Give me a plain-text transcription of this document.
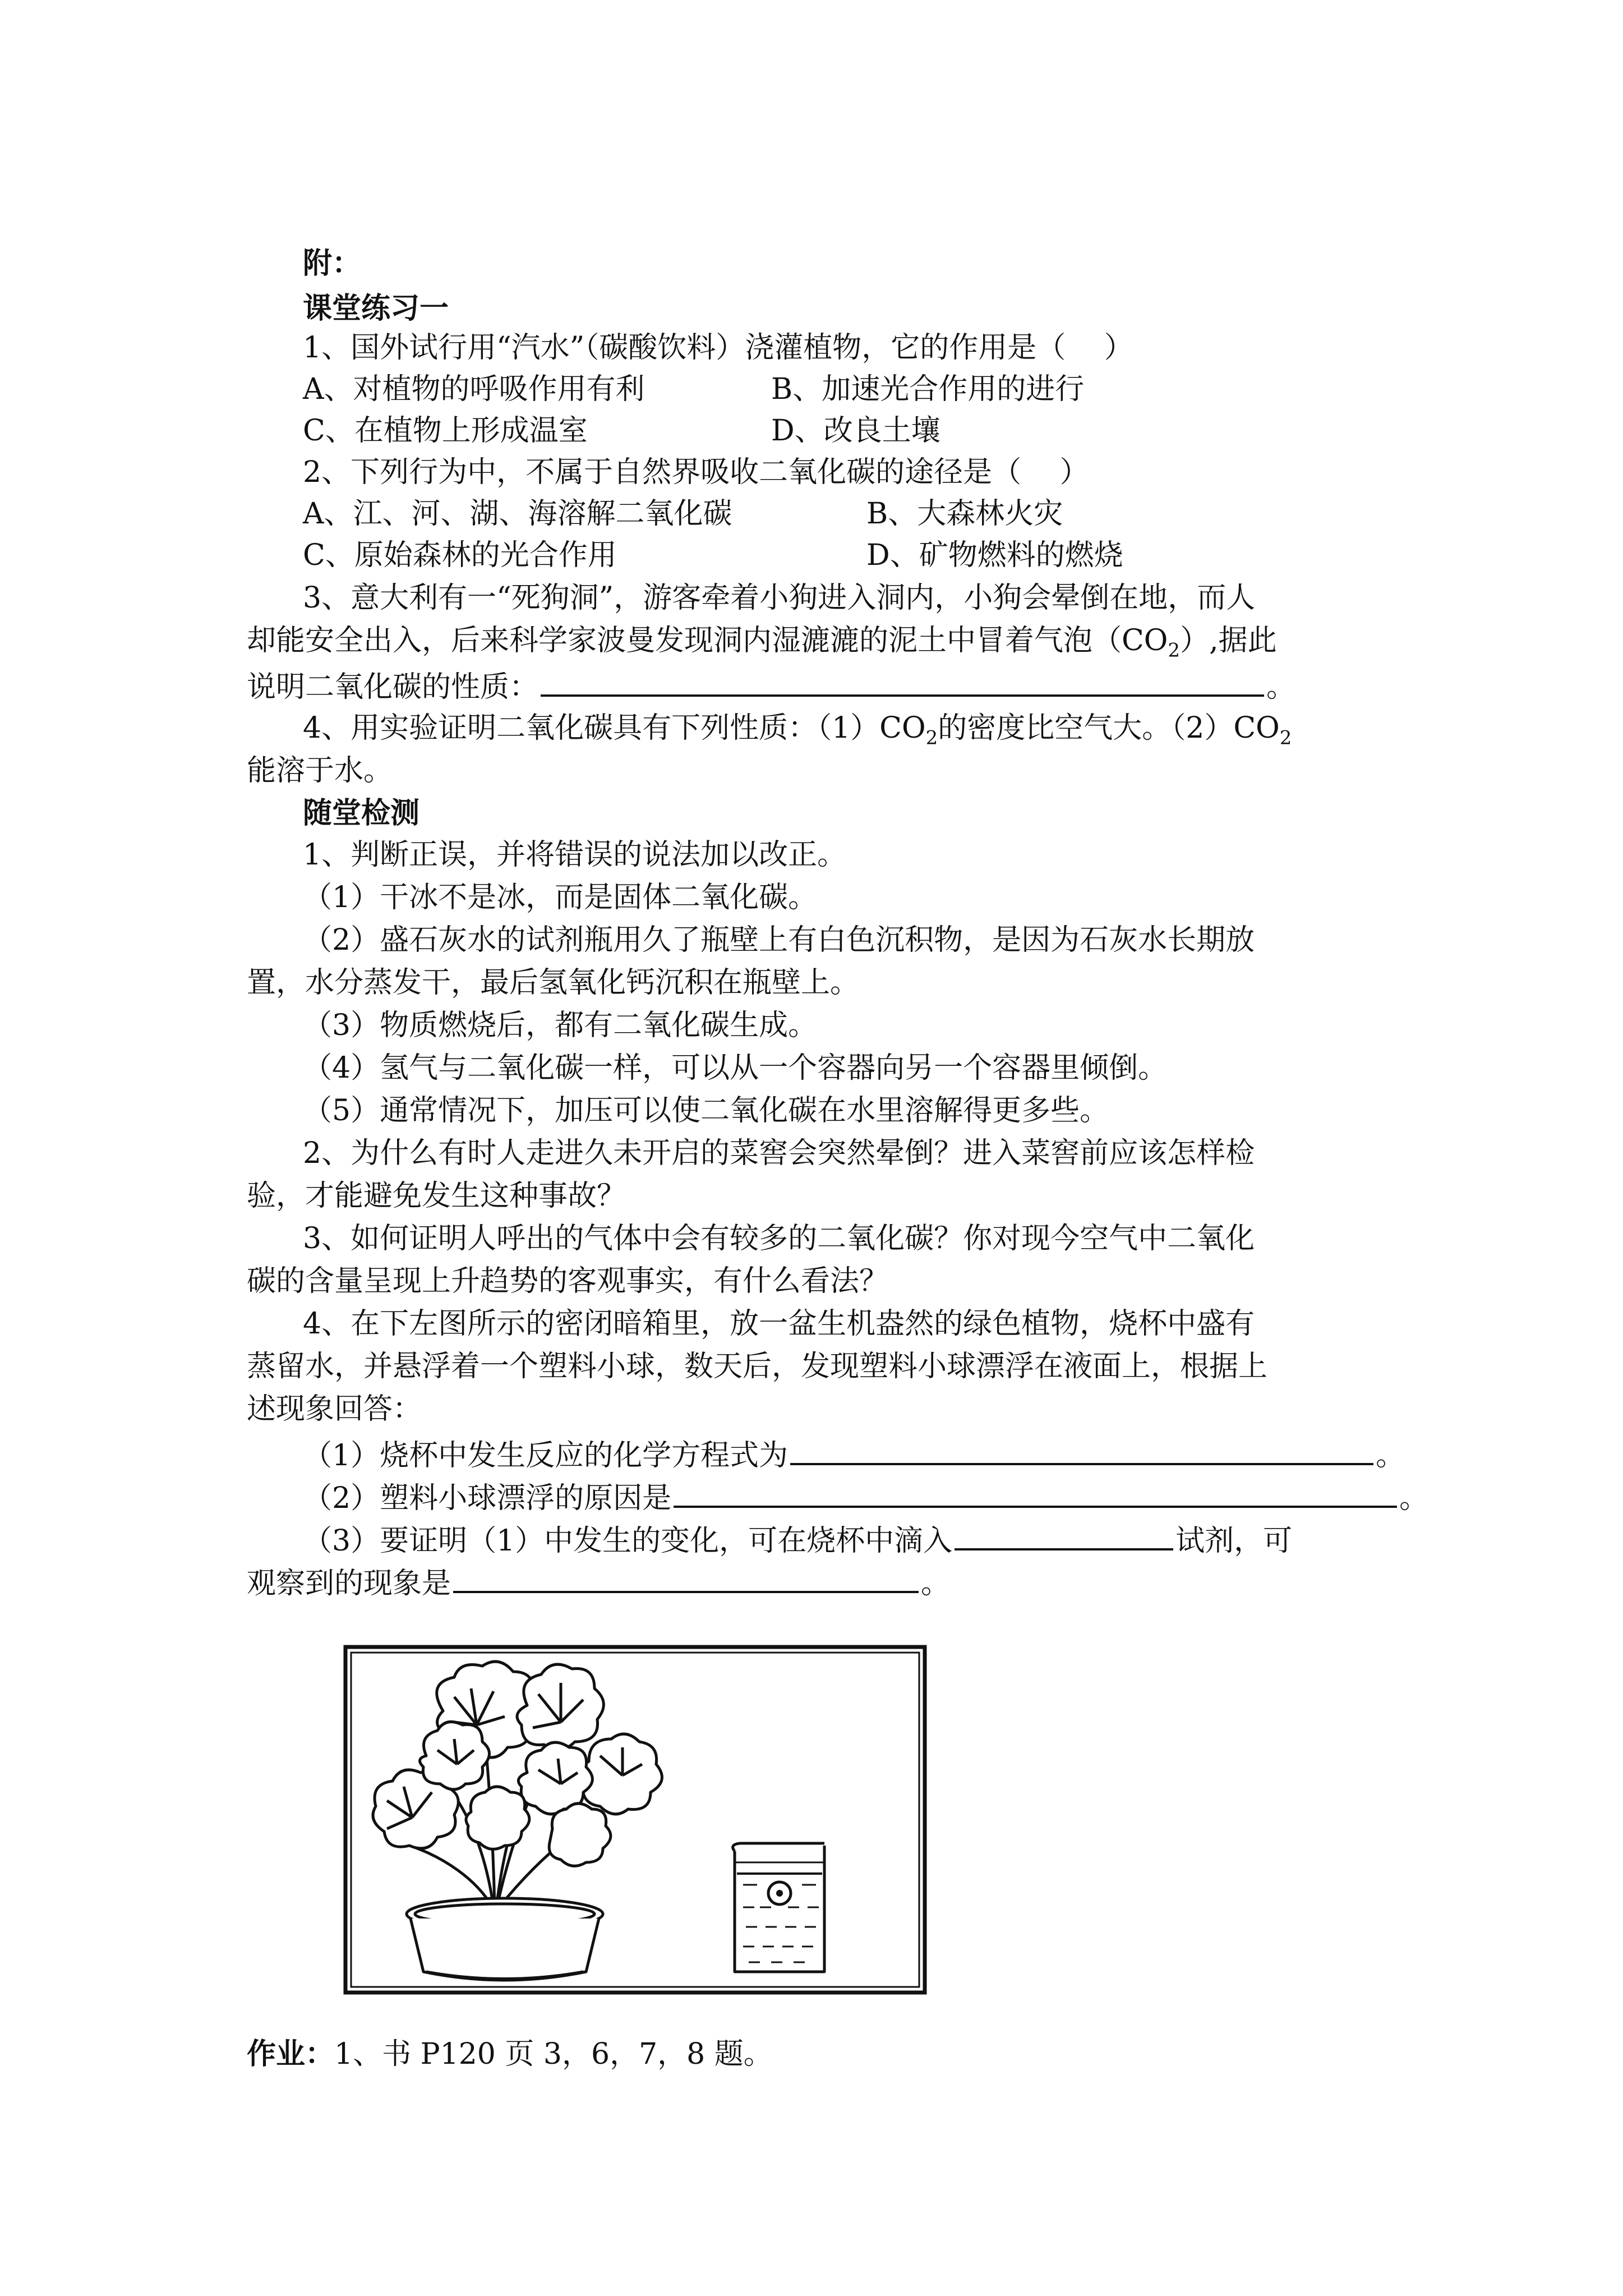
附：
课堂练习一
1、国外试行用“汽水”（碳酸饮料）浇灌植物，它的作用是（　 ）
A、对植物的呼吸作用有利	B、加速光合作用的进行
C、在植物上形成温室	D、改良土壤
2、下列行为中，不属于自然界吸收二氧化碳的途径是（　 ）
A、江、河、湖、海溶解二氧化碳	B、大森林火灾
C、原始森林的光合作用	D、矿物燃料的燃烧
3、意大利有一“死狗洞”，游客牵着小狗进入洞内，小狗会晕倒在地，而人
却能安全出入，后来科学家波曼发现洞内湿漉漉的泥土中冒着气泡$(CO_2)$,据此
说明二氧化碳的性质：	。
4、用实验证明二氧化碳具有下列性质：$(1)CO_2$的密度比空气大。$(2)CO_2$
能溶于水。
随堂检测
1、判断正误，并将错误的说法加以改正。
（1）干冰不是冰，而是固体二氧化碳。
（2）盛石灰水的试剂瓶用久了瓶壁上有白色沉积物，是因为石灰水长期放
置，水分蒸发干，最后氢氧化钙沉积在瓶壁上。
（3）物质燃烧后，都有二氧化碳生成。
（4）氢气与二氧化碳一样，可以从一个容器向另一个容器里倾倒。
（5）通常情况下，加压可以使二氧化碳在水里溶解得更多些。
2、为什么有时人走进久未开启的菜窖会突然晕倒？进入菜窖前应该怎样检
验，才能避免发生这种事故？
3、如何证明人呼出的气体中会有较多的二氧化碳？你对现今空气中二氧化
碳的含量呈现上升趋势的客观事实，有什么看法？
4、在下左图所示的密闭暗箱里，放一盆生机盎然的绿色植物，烧杯中盛有
蒸留水，并悬浮着一个塑料小球，数天后，发现塑料小球漂浮在液面上，根据上
述现象回答：
（1）烧杯中发生反应的化学方程式为	。
（2）塑料小球漂浮的原因是	。
（3）要证明（1）中发生的变化，可在烧杯中滴入	试剂，可
观察到的现象是	。
作业：1、书 P120 页 3，6，7，8 题。
